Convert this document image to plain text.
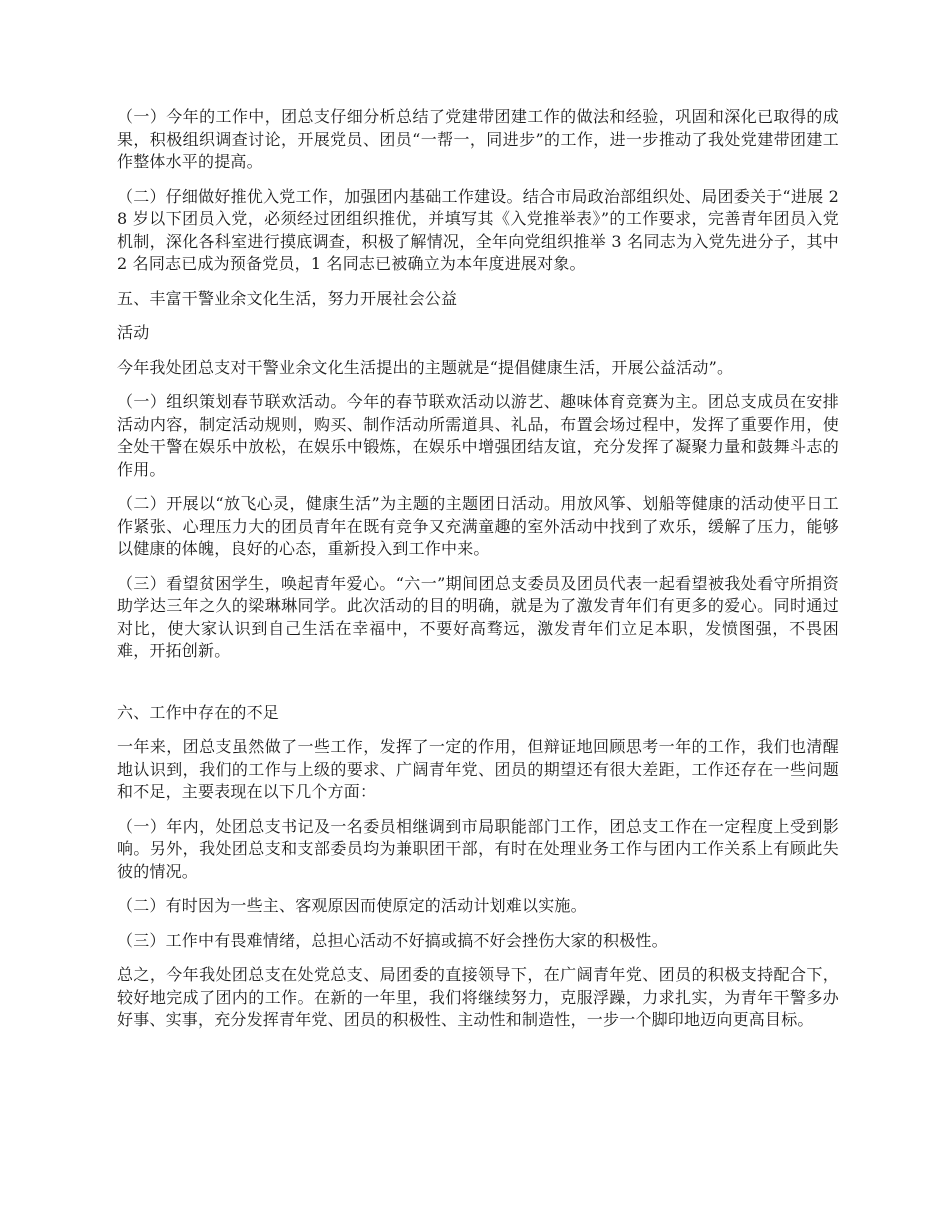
（一）今年的工作中，团总支仔细分析总结了党建带团建工作的做法和经验，巩固和深化已取得的成果，积极组织调查讨论，开展党员、团员“一帮一，同进步”的工作，进一步推动了我处党建带团建工作整体水平的提高。

（二）仔细做好推优入党工作，加强团内基础工作建设。结合市局政治部组织处、局团委关于“进展 28 岁以下团员入党，必须经过团组织推优，并填写其《入党推举表》”的工作要求，完善青年团员入党机制，深化各科室进行摸底调查，积极了解情况，全年向党组织推举 3 名同志为入党先进分子，其中 2 名同志已成为预备党员，1 名同志已被确立为本年度进展对象。

五、丰富干警业余文化生活，努力开展社会公益

活动

今年我处团总支对干警业余文化生活提出的主题就是“提倡健康生活，开展公益活动”。

（一）组织策划春节联欢活动。今年的春节联欢活动以游艺、趣味体育竞赛为主。团总支成员在安排活动内容，制定活动规则，购买、制作活动所需道具、礼品，布置会场过程中，发挥了重要作用，使全处干警在娱乐中放松，在娱乐中锻炼，在娱乐中增强团结友谊，充分发挥了凝聚力量和鼓舞斗志的作用。

（二）开展以“放飞心灵，健康生活”为主题的主题团日活动。用放风筝、划船等健康的活动使平日工作紧张、心理压力大的团员青年在既有竞争又充满童趣的室外活动中找到了欢乐，缓解了压力，能够以健康的体魄，良好的心态，重新投入到工作中来。

（三）看望贫困学生，唤起青年爱心。“六一”期间团总支委员及团员代表一起看望被我处看守所捐资助学达三年之久的梁琳琳同学。此次活动的目的明确，就是为了激发青年们有更多的爱心。同时通过对比，使大家认识到自己生活在幸福中，不要好高骛远，激发青年们立足本职，发愤图强，不畏困难，开拓创新。

六、工作中存在的不足

一年来，团总支虽然做了一些工作，发挥了一定的作用，但辩证地回顾思考一年的工作，我们也清醒地认识到，我们的工作与上级的要求、广阔青年党、团员的期望还有很大差距，工作还存在一些问题和不足，主要表现在以下几个方面：

（一）年内，处团总支书记及一名委员相继调到市局职能部门工作，团总支工作在一定程度上受到影响。另外，我处团总支和支部委员均为兼职团干部，有时在处理业务工作与团内工作关系上有顾此失彼的情况。

（二）有时因为一些主、客观原因而使原定的活动计划难以实施。

（三）工作中有畏难情绪，总担心活动不好搞或搞不好会挫伤大家的积极性。

总之，今年我处团总支在处党总支、局团委的直接领导下，在广阔青年党、团员的积极支持配合下，较好地完成了团内的工作。在新的一年里，我们将继续努力，克服浮躁，力求扎实，为青年干警多办好事、实事，充分发挥青年党、团员的积极性、主动性和制造性，一步一个脚印地迈向更高目标。
